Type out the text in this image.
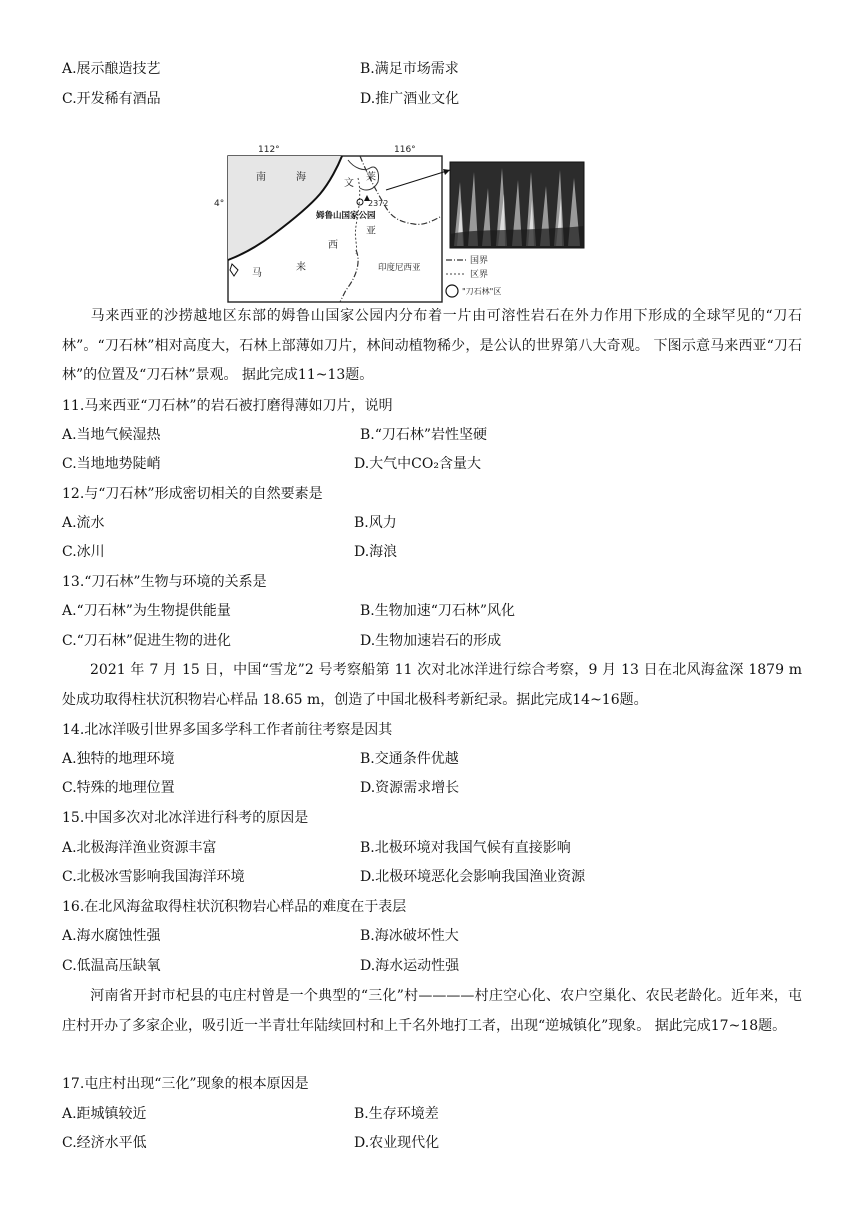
A.展示酿造技艺	B.满足市场需求
C.开发稀有酒品	D.推广酒业文化
112°	116°
4°
南	海
文
莱
2372
姆鲁山国家公园
西
亚
来
马	印度尼西亚
国界
区界
"刀石林"区
马来西亚的沙捞越地区东部的姆鲁山国家公园内分布着一片由可溶性岩石在外力作用下形成的全球罕见的“刀石林”。“刀石林”相对高度大，石林上部薄如刀片，林间动植物稀少，是公认的世界第八大奇观。 下图示意马来西亚“刀石林”的位置及“刀石林”景观。 据此完成11~13题。
11.马来西亚“刀石林”的岩石被打磨得薄如刀片，说明
A.当地气候湿热	B.“刀石林”岩性坚硬
C.当地地势陡峭	D.大气中CO₂含量大
12.与“刀石林”形成密切相关的自然要素是
A.流水	B.风力
C.冰川	D.海浪
13.“刀石林”生物与环境的关系是
A.“刀石林”为生物提供能量	B.生物加速“刀石林”风化
C.“刀石林”促进生物的进化	D.生物加速岩石的形成
2021 年 7 月 15 日，中国“雪龙”2 号考察船第 11 次对北冰洋进行综合考察，9 月 13 日在北风海盆深 1879 m 处成功取得柱状沉积物岩心样品 18.65 m，创造了中国北极科考新纪录。据此完成14~16题。
14.北冰洋吸引世界多国多学科工作者前往考察是因其
A.独特的地理环境	B.交通条件优越
C.特殊的地理位置	D.资源需求增长
15.中国多次对北冰洋进行科考的原因是
A.北极海洋渔业资源丰富	B.北极环境对我国气候有直接影响
C.北极冰雪影响我国海洋环境	D.北极环境恶化会影响我国渔业资源
16.在北风海盆取得柱状沉积物岩心样品的难度在于表层
A.海水腐蚀性强	B.海冰破坏性大
C.低温高压缺氧	D.海水运动性强
河南省开封市杞县的屯庄村曾是一个典型的“三化”村————村庄空心化、农户空巢化、农民老龄化。近年来，屯庄村开办了多家企业，吸引近一半青壮年陆续回村和上千名外地打工者，出现“逆城镇化”现象。 据此完成17~18题。
17.屯庄村出现“三化”现象的根本原因是
A.距城镇较近	B.生存环境差
C.经济水平低	D.农业现代化
